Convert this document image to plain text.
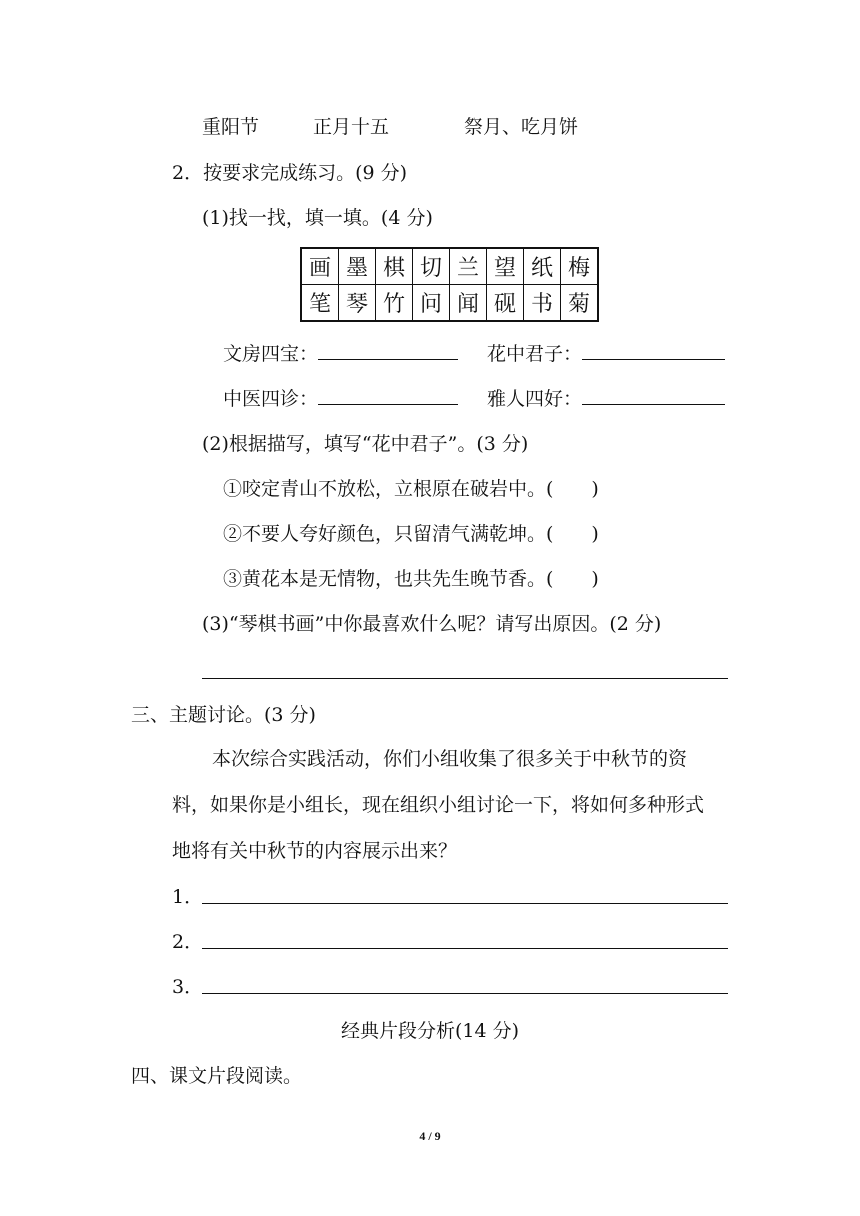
重阳节	正月十五	祭月、吃月饼
2．按要求完成练习。(9 分)
(1)找一找，填一填。(4 分)
画	墨	棋	切	兰	望	纸	梅
笔	琴	竹	问	闻	砚	书	菊
文房四宝：	花中君子：
中医四诊：	雅人四好：
(2)根据描写，填写“花中君子”。(3 分)
①咬定青山不放松，立根原在破岩中。(　　)
②不要人夸好颜色，只留清气满乾坤。(　　)
③黄花本是无情物，也共先生晚节香。(　　)
(3)“琴棋书画”中你最喜欢什么呢？请写出原因。(2 分)
三、主题讨论。(3 分)
本次综合实践活动，你们小组收集了很多关于中秋节的资
料，如果你是小组长，现在组织小组讨论一下，将如何多种形式
地将有关中秋节的内容展示出来？
1．
2．
3．
经典片段分析(14 分)
四、课文片段阅读。
4 / 9
